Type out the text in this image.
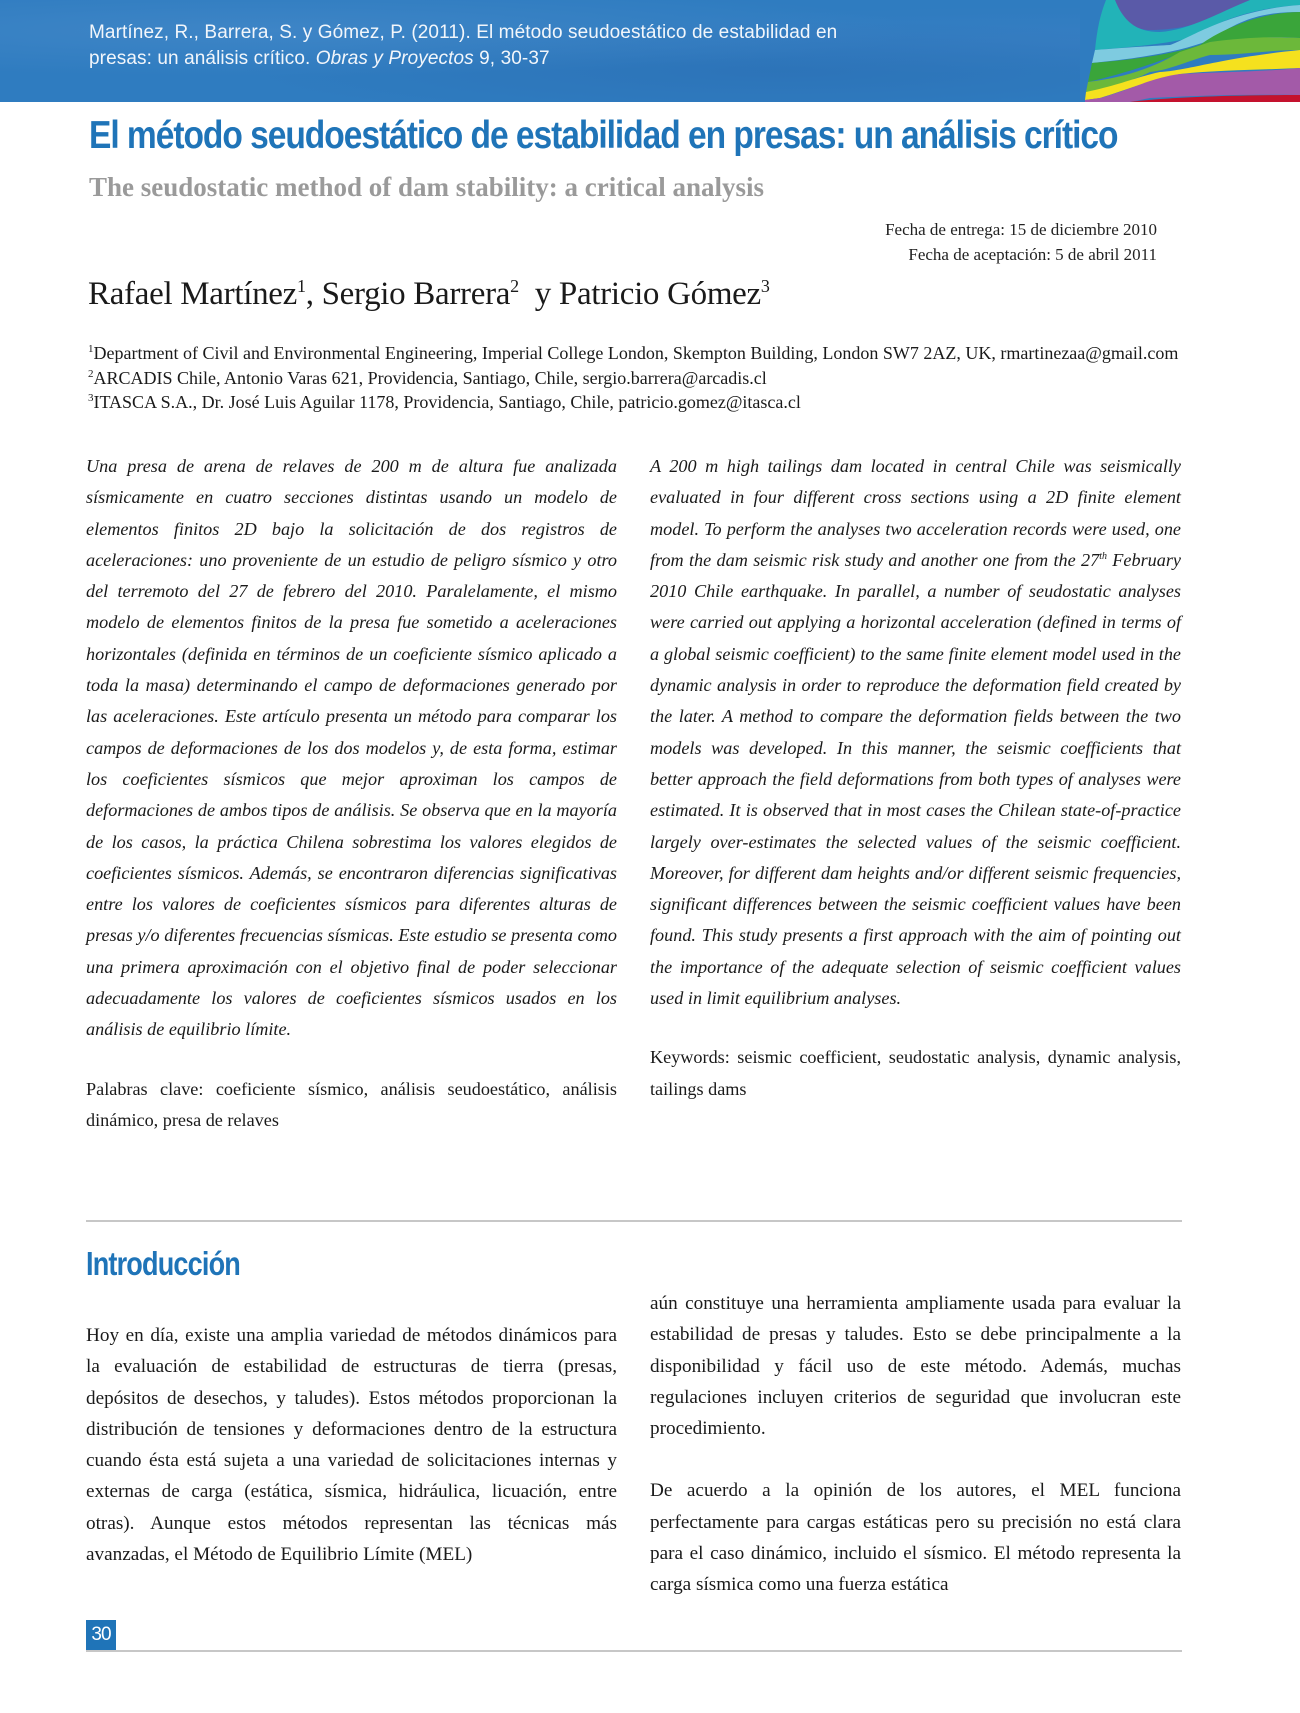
Martínez, R., Barrera, S. y Gómez, P. (2011). El método seudoestático de estabilidad en
presas: un análisis crítico. Obras y Proyectos 9, 30-37
El método seudoestático de estabilidad en presas: un análisis crítico
The seudostatic method of dam stability: a critical analysis
Fecha de entrega: 15 de diciembre 2010
Fecha de aceptación: 5 de abril 2011
Rafael Martínez$^1$, Sergio Barrera$^2$  y Patricio Gómez$^3$
$^1$Department of Civil and Environmental Engineering, Imperial College London, Skempton Building, London SW7 2AZ, UK, rmartinezaa@gmail.com
$^2$ARCADIS Chile, Antonio Varas 621, Providencia, Santiago, Chile, sergio.barrera@arcadis.cl
$^3$ITASCA S.A., Dr. José Luis Aguilar 1178, Providencia, Santiago, Chile, patricio.gomez@itasca.cl

Una presa de arena de relaves de 200 m de altura fue analizada sísmicamente en cuatro secciones distintas usando un modelo de elementos finitos 2D bajo la solicitación de dos registros de aceleraciones: uno proveniente de un estudio de peligro sísmico y otro del terremoto del 27 de febrero del 2010. Paralelamente, el mismo modelo de elementos finitos de la presa fue sometido a aceleraciones horizontales (definida en términos de un coeficiente sísmico aplicado a toda la masa) determinando el campo de deformaciones generado por las aceleraciones. Este artículo presenta un método para comparar los campos de deformaciones de los dos modelos y, de esta forma, estimar los coeficientes sísmicos que mejor aproximan los campos de deformaciones de ambos tipos de análisis. Se observa que en la mayoría de los casos, la práctica Chilena sobrestima los valores elegidos de coeficientes sísmicos. Además, se encontraron diferencias significativas entre los valores de coeficientes sísmicos para diferentes alturas de presas y/o diferentes frecuencias sísmicas. Este estudio se presenta como una primera aproximación con el objetivo final de poder seleccionar adecuadamente los valores de coeficientes sísmicos usados en los análisis de equilibrio límite.

Palabras clave: coeficiente sísmico, análisis seudoestático, análisis dinámico, presa de relaves

A 200 m high tailings dam located in central Chile was seismically evaluated in four different cross sections using a 2D finite element model. To perform the analyses two acceleration records were used, one from the dam seismic risk study and another one from the 27th February 2010 Chile earthquake. In parallel, a number of seudostatic analyses were carried out applying a horizontal acceleration (defined in terms of a global seismic coefficient) to the same finite element model used in the dynamic analysis in order to reproduce the deformation field created by the later. A method to compare the deformation fields between the two models was developed. In this manner, the seismic coefficients that better approach the field deformations from both types of analyses were estimated. It is observed that in most cases the Chilean state-of-practice largely over-estimates the selected values of the seismic coefficient. Moreover, for different dam heights and/or different seismic frequencies, significant differences between the seismic coefficient values have been found. This study presents a first approach with the aim of pointing out the importance of the adequate selection of seismic coefficient values used in limit equilibrium analyses.

Keywords: seismic coefficient, seudostatic analysis, dynamic analysis, tailings dams

Introducción

Hoy en día, existe una amplia variedad de métodos dinámicos para la evaluación de estabilidad de estructuras de tierra (presas, depósitos de desechos, y taludes). Estos métodos proporcionan la distribución de tensiones y deformaciones dentro de la estructura cuando ésta está sujeta a una variedad de solicitaciones internas y externas de carga (estática, sísmica, hidráulica, licuación, entre otras). Aunque estos métodos representan las técnicas más avanzadas, el Método de Equilibrio Límite (MEL)

aún constituye una herramienta ampliamente usada para evaluar la estabilidad de presas y taludes. Esto se debe principalmente a la disponibilidad y fácil uso de este método. Además, muchas regulaciones incluyen criterios de seguridad que involucran este procedimiento.

De acuerdo a la opinión de los autores, el MEL funciona perfectamente para cargas estáticas pero su precisión no está clara para el caso dinámico, incluido el sísmico. El método representa la carga sísmica como una fuerza estática

30
